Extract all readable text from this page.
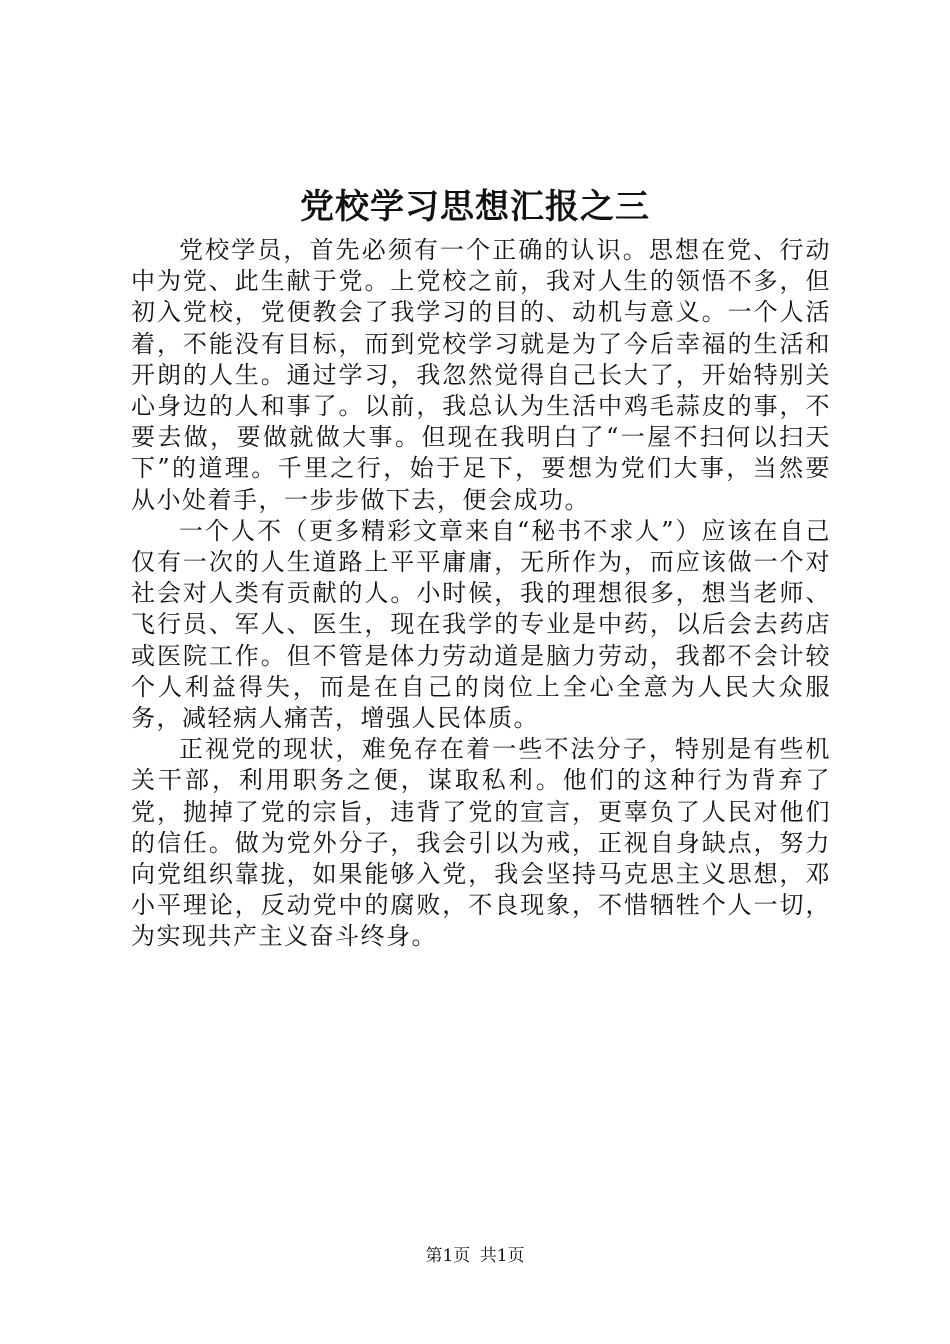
党校学习思想汇报之三

党校学员，首先必须有一个正确的认识。思想在党、行动中为党、此生献于党。上党校之前，我对人生的领悟不多，但初入党校，党便教会了我学习的目的、动机与意义。一个人活着，不能没有目标，而到党校学习就是为了今后幸福的生活和开朗的人生。通过学习，我忽然觉得自己长大了，开始特别关心身边的人和事了。以前，我总认为生活中鸡毛蒜皮的事，不要去做，要做就做大事。但现在我明白了“一屋不扫何以扫天下”的道理。千里之行，始于足下，要想为党们大事，当然要从小处着手，一步步做下去，便会成功。

一个人不（更多精彩文章来自“秘书不求人”）应该在自己仅有一次的人生道路上平平庸庸，无所作为，而应该做一个对社会对人类有贡献的人。小时候，我的理想很多，想当老师、飞行员、军人、医生，现在我学的专业是中药，以后会去药店或医院工作。但不管是体力劳动道是脑力劳动，我都不会计较个人利益得失，而是在自己的岗位上全心全意为人民大众服务，减轻病人痛苦，增强人民体质。

正视党的现状，难免存在着一些不法分子，特别是有些机关干部，利用职务之便，谋取私利。他们的这种行为背弃了党，抛掉了党的宗旨，违背了党的宣言，更辜负了人民对他们的信任。做为党外分子，我会引以为戒，正视自身缺点，努力向党组织靠拢，如果能够入党，我会坚持马克思主义思想，邓小平理论，反动党中的腐败，不良现象，不惜牺牲个人一切，为实现共产主义奋斗终身。

第1页 共1页
